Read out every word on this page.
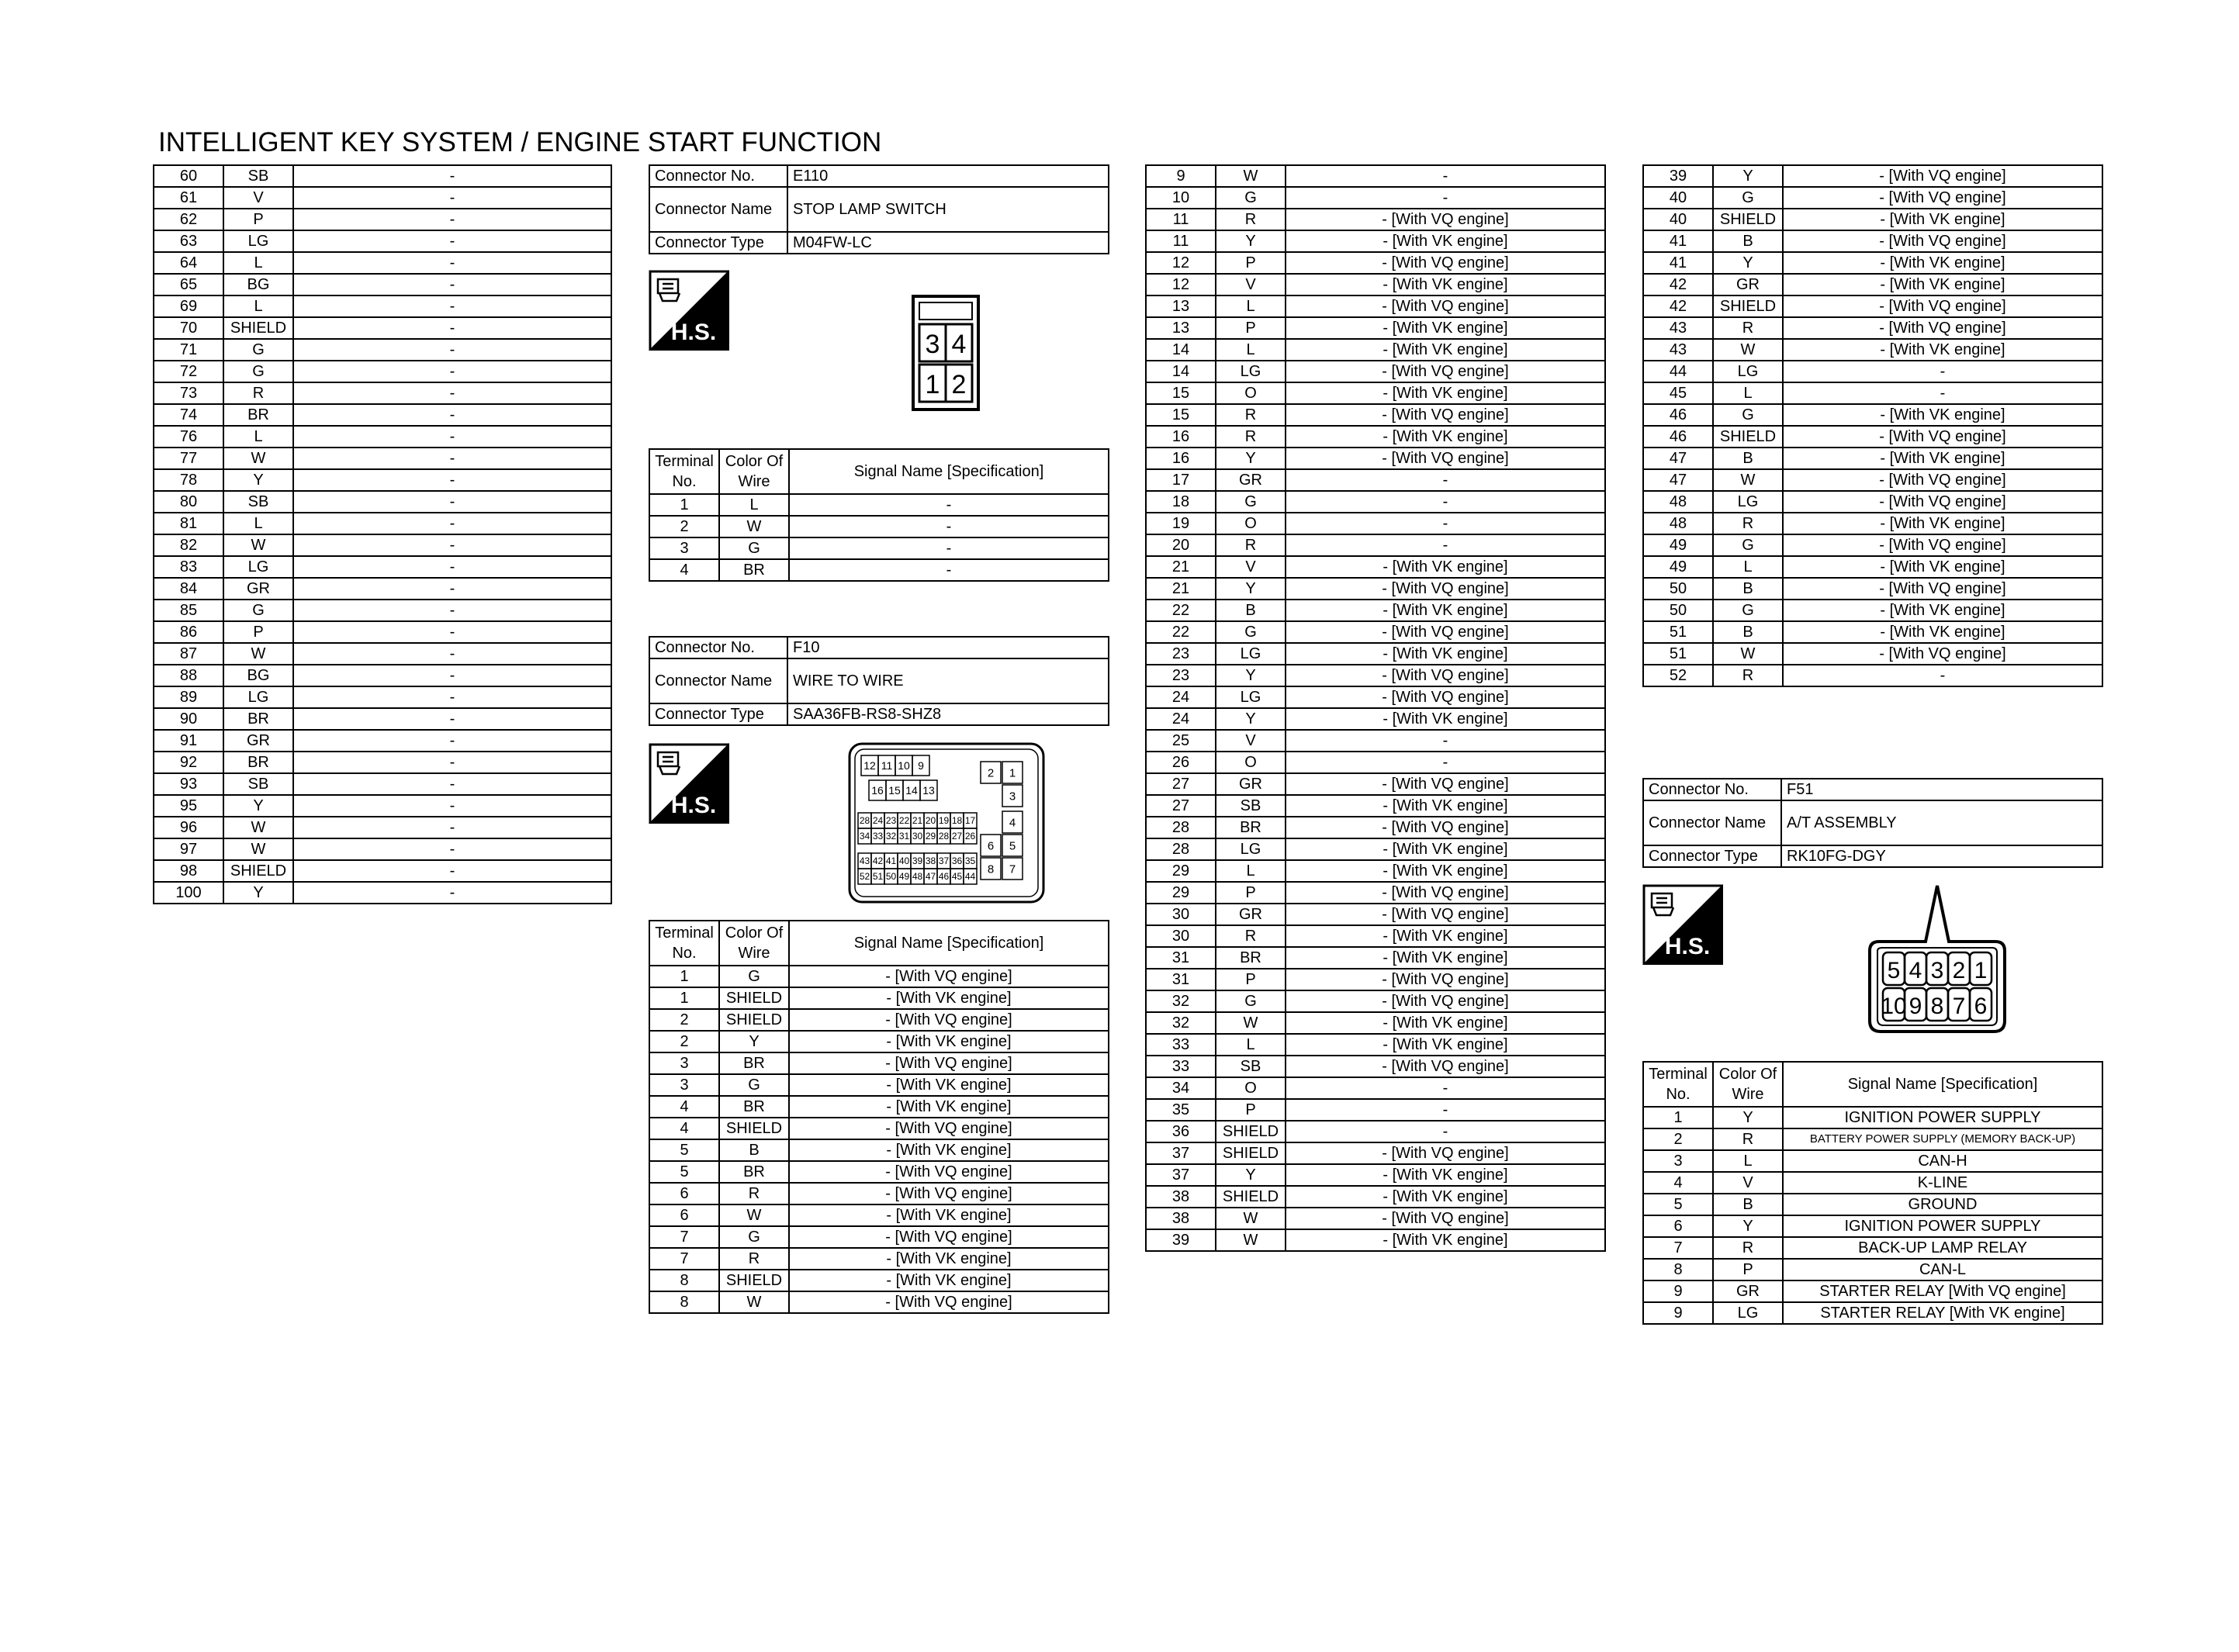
INTELLIGENT KEY SYSTEM / ENGINE START FUNCTION
60	SB	-
61	V	-
62	P	-
63	LG	-
64	L	-
65	BG	-
69	L	-
70	SHIELD	-
71	G	-
72	G	-
73	R	-
74	BR	-
76	L	-
77	W	-
78	Y	-
80	SB	-
81	L	-
82	W	-
83	LG	-
84	GR	-
85	G	-
86	P	-
87	W	-
88	BG	-
89	LG	-
90	BR	-
91	GR	-
92	BR	-
93	SB	-
95	Y	-
96	W	-
97	W	-
98	SHIELD	-
100	Y	-
Connector No.	E110
Connector Name	STOP LAMP SWITCH
Connector Type	M04FW-LC
H.S.	3 4
1 2
Terminal No.	Color Of Wire	Signal Name [Specification]
1	L	-
2	W	-
3	G	-
4	BR	-
Connector No.	F10
Connector Name	WIRE TO WIRE
Connector Type	SAA36FB-RS8-SHZ8
H.S.
12 11 10 9
16 15 14 13
28 24 23 22 21 20 19 18 17
34 33 32 31 30 29 28 27 26
43 42 41 40 39 38 37 36 35
52 51 50 49 48 47 46 45 44
2 1
3
4
6 5
8 7
Terminal No.	Color Of Wire	Signal Name [Specification]
1	G	- [With VQ engine]
1	SHIELD	- [With VK engine]
2	SHIELD	- [With VQ engine]
2	Y	- [With VK engine]
3	BR	- [With VQ engine]
3	G	- [With VK engine]
4	BR	- [With VK engine]
4	SHIELD	- [With VQ engine]
5	B	- [With VK engine]
5	BR	- [With VQ engine]
6	R	- [With VQ engine]
6	W	- [With VK engine]
7	G	- [With VQ engine]
7	R	- [With VK engine]
8	SHIELD	- [With VK engine]
8	W	- [With VQ engine]
9	W	-
10	G	-
11	R	- [With VQ engine]
11	Y	- [With VK engine]
12	P	- [With VQ engine]
12	V	- [With VK engine]
13	L	- [With VQ engine]
13	P	- [With VK engine]
14	L	- [With VK engine]
14	LG	- [With VQ engine]
15	O	- [With VK engine]
15	R	- [With VQ engine]
16	R	- [With VK engine]
16	Y	- [With VQ engine]
17	GR	-
18	G	-
19	O	-
20	R	-
21	V	- [With VK engine]
21	Y	- [With VQ engine]
22	B	- [With VK engine]
22	G	- [With VQ engine]
23	LG	- [With VK engine]
23	Y	- [With VQ engine]
24	LG	- [With VQ engine]
24	Y	- [With VK engine]
25	V	-
26	O	-
27	GR	- [With VQ engine]
27	SB	- [With VK engine]
28	BR	- [With VQ engine]
28	LG	- [With VK engine]
29	L	- [With VK engine]
29	P	- [With VQ engine]
30	GR	- [With VQ engine]
30	R	- [With VK engine]
31	BR	- [With VK engine]
31	P	- [With VQ engine]
32	G	- [With VQ engine]
32	W	- [With VK engine]
33	L	- [With VK engine]
33	SB	- [With VQ engine]
34	O	-
35	P	-
36	SHIELD	-
37	SHIELD	- [With VQ engine]
37	Y	- [With VK engine]
38	SHIELD	- [With VK engine]
38	W	- [With VQ engine]
39	W	- [With VK engine]
39	Y	- [With VQ engine]
40	G	- [With VQ engine]
40	SHIELD	- [With VK engine]
41	B	- [With VQ engine]
41	Y	- [With VK engine]
42	GR	- [With VK engine]
42	SHIELD	- [With VQ engine]
43	R	- [With VQ engine]
43	W	- [With VK engine]
44	LG	-
45	L	-
46	G	- [With VK engine]
46	SHIELD	- [With VQ engine]
47	B	- [With VK engine]
47	W	- [With VQ engine]
48	LG	- [With VQ engine]
48	R	- [With VK engine]
49	G	- [With VQ engine]
49	L	- [With VK engine]
50	B	- [With VQ engine]
50	G	- [With VK engine]
51	B	- [With VK engine]
51	W	- [With VQ engine]
52	R	-
Connector No.	F51
Connector Name	A/T ASSEMBLY
Connector Type	RK10FG-DGY
H.S.
5 4 3 2 1
10 9 8 7 6
Terminal No.	Color Of Wire	Signal Name [Specification]
1	Y	IGNITION POWER SUPPLY
2	R	BATTERY POWER SUPPLY (MEMORY BACK-UP)
3	L	CAN-H
4	V	K-LINE
5	B	GROUND
6	Y	IGNITION POWER SUPPLY
7	R	BACK-UP LAMP RELAY
8	P	CAN-L
9	GR	STARTER RELAY [With VQ engine]
9	LG	STARTER RELAY [With VK engine]
